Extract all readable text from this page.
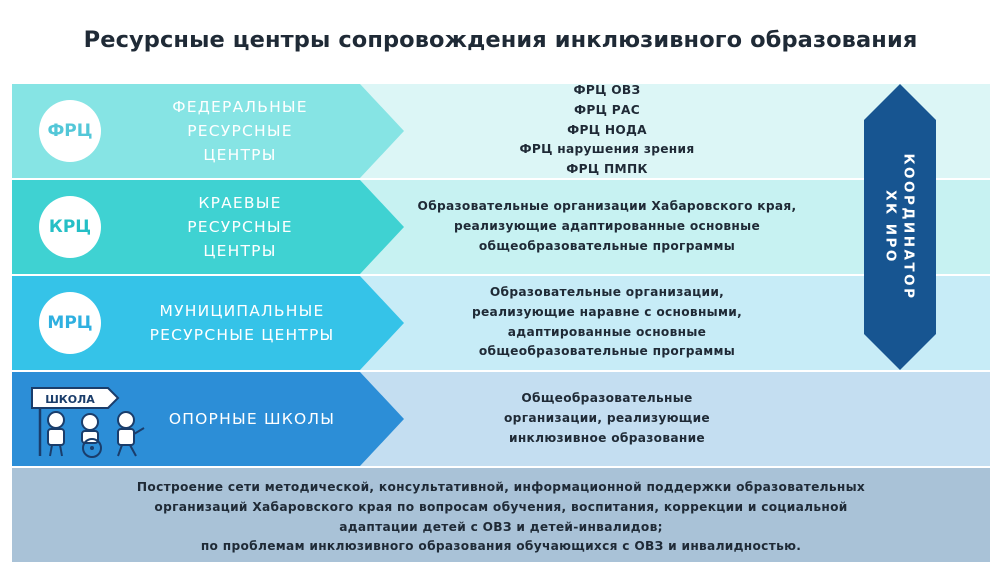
Ресурсные центры сопровождения инклюзивного образования
ФРЦ
ФЕДЕРАЛЬНЫЕ
РЕСУРСНЫЕ
ЦЕНТРЫ
ФРЦ ОВЗ
ФРЦ РАС
ФРЦ НОДА
ФРЦ нарушения зрения
ФРЦ ПМПК
КРЦ
КРАЕВЫЕ
РЕСУРСНЫЕ
ЦЕНТРЫ
Образовательные организации Хабаровского края,
реализующие адаптированные основные
общеобразовательные программы
МРЦ
МУНИЦИПАЛЬНЫЕ
РЕСУРСНЫЕ ЦЕНТРЫ
Образовательные организации,
реализующие наравне с основными,
адаптированные основные
общеобразовательные программы
ШКОЛА
ОПОРНЫЕ ШКОЛЫ
Общеобразовательные
организации, реализующие
инклюзивное образование
КООРДИНАТОР
ХК ИРО
Построение сети методической, консультативной, информационной поддержки образовательных
организаций Хабаровского края по вопросам обучения, воспитания, коррекции и социальной
адаптации детей с ОВЗ и детей-инвалидов;
по проблемам инклюзивного образования обучающихся с ОВЗ и инвалидностью.
